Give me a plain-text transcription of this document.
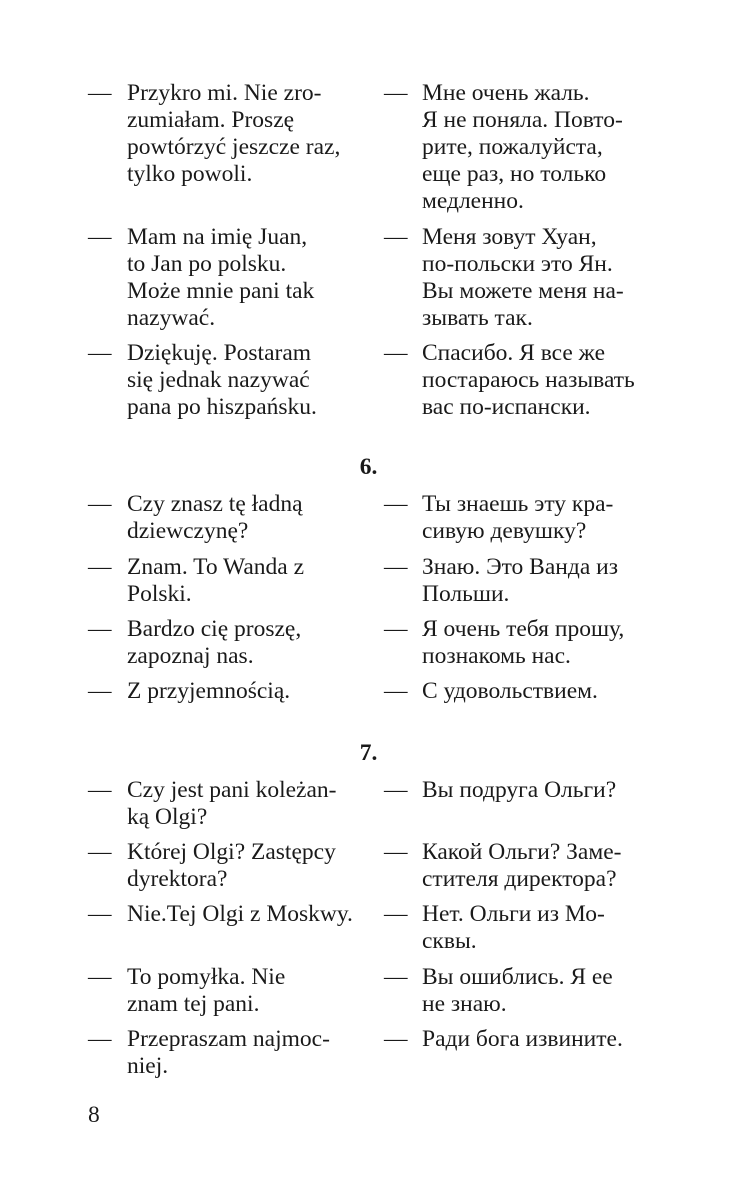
— Przykro mi. Nie zro-
zumiałam. Proszę
powtórzyć jeszcze raz,
tylko powoli.
— Мне очень жаль.
Я не поняла. Повто-
рите, пожалуйста,
еще раз, но только
медленно.
— Mam na imię Juan,
to Jan po polsku.
Może mnie pani tak
nazywać.
— Меня зовут Хуан,
по-польски это Ян.
Вы можете меня на-
зывать так.
— Dziękuję. Postaram
się jednak nazywać
pana po hiszpańsku.
— Спасибо. Я все же
постараюсь называть
вас по-испански.
6.
— Czy znasz tę ładną
dziewczynę?
— Ты знаешь эту кра-
сивую девушку?
— Znam. To Wanda z
Polski.
— Знаю. Это Ванда из
Польши.
— Bardzo cię proszę,
zapoznaj nas.
— Я очень тебя прошу,
познакомь нас.
— Z przyjemnością.	— С удовольствием.
7.
— Czy jest pani koleżan-
ką Olgi?
— Вы подруга Ольги?
— Której Olgi? Zastępcy
dyrektora?
— Какой Ольги? Заме-
стителя директора?
— Nie.Tej Olgi z Moskwy. — Нет. Ольги из Мо-
сквы.
— To pomyłka. Nie
znam tej pani.
— Вы ошиблись. Я ее
не знаю.
— Przepraszam najmoc-
niej.
— Ради бога извините.
8
